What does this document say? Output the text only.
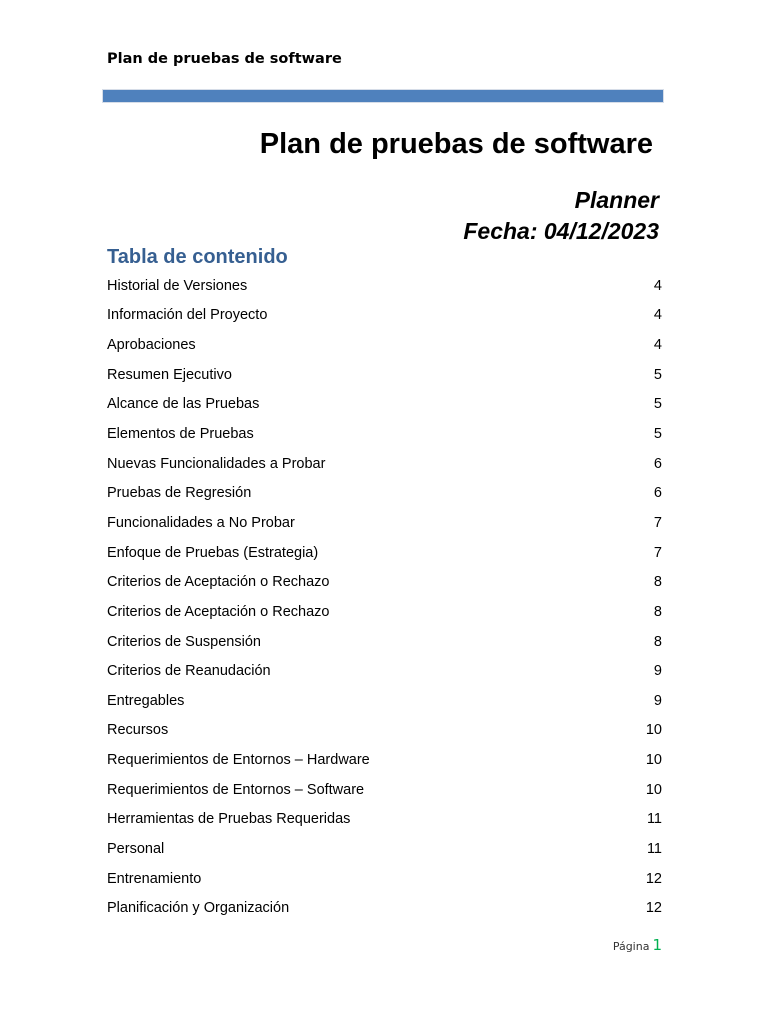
Plan de pruebas de software
Plan de pruebas de software
Planner
Fecha: 04/12/2023
Tabla de contenido
Historial de Versiones	4
Información del Proyecto	4
Aprobaciones	4
Resumen Ejecutivo	5
Alcance de las Pruebas	5
Elementos de Pruebas	5
Nuevas Funcionalidades a Probar	6
Pruebas de Regresión	6
Funcionalidades a No Probar	7
Enfoque de Pruebas (Estrategia)	7
Criterios de Aceptación o Rechazo	8
Criterios de Aceptación o Rechazo	8
Criterios de Suspensión	8
Criterios de Reanudación	9
Entregables	9
Recursos	10
Requerimientos de Entornos – Hardware	10
Requerimientos de Entornos – Software	10
Herramientas de Pruebas Requeridas	11
Personal	11
Entrenamiento	12
Planificación y Organización	12
Página 1
